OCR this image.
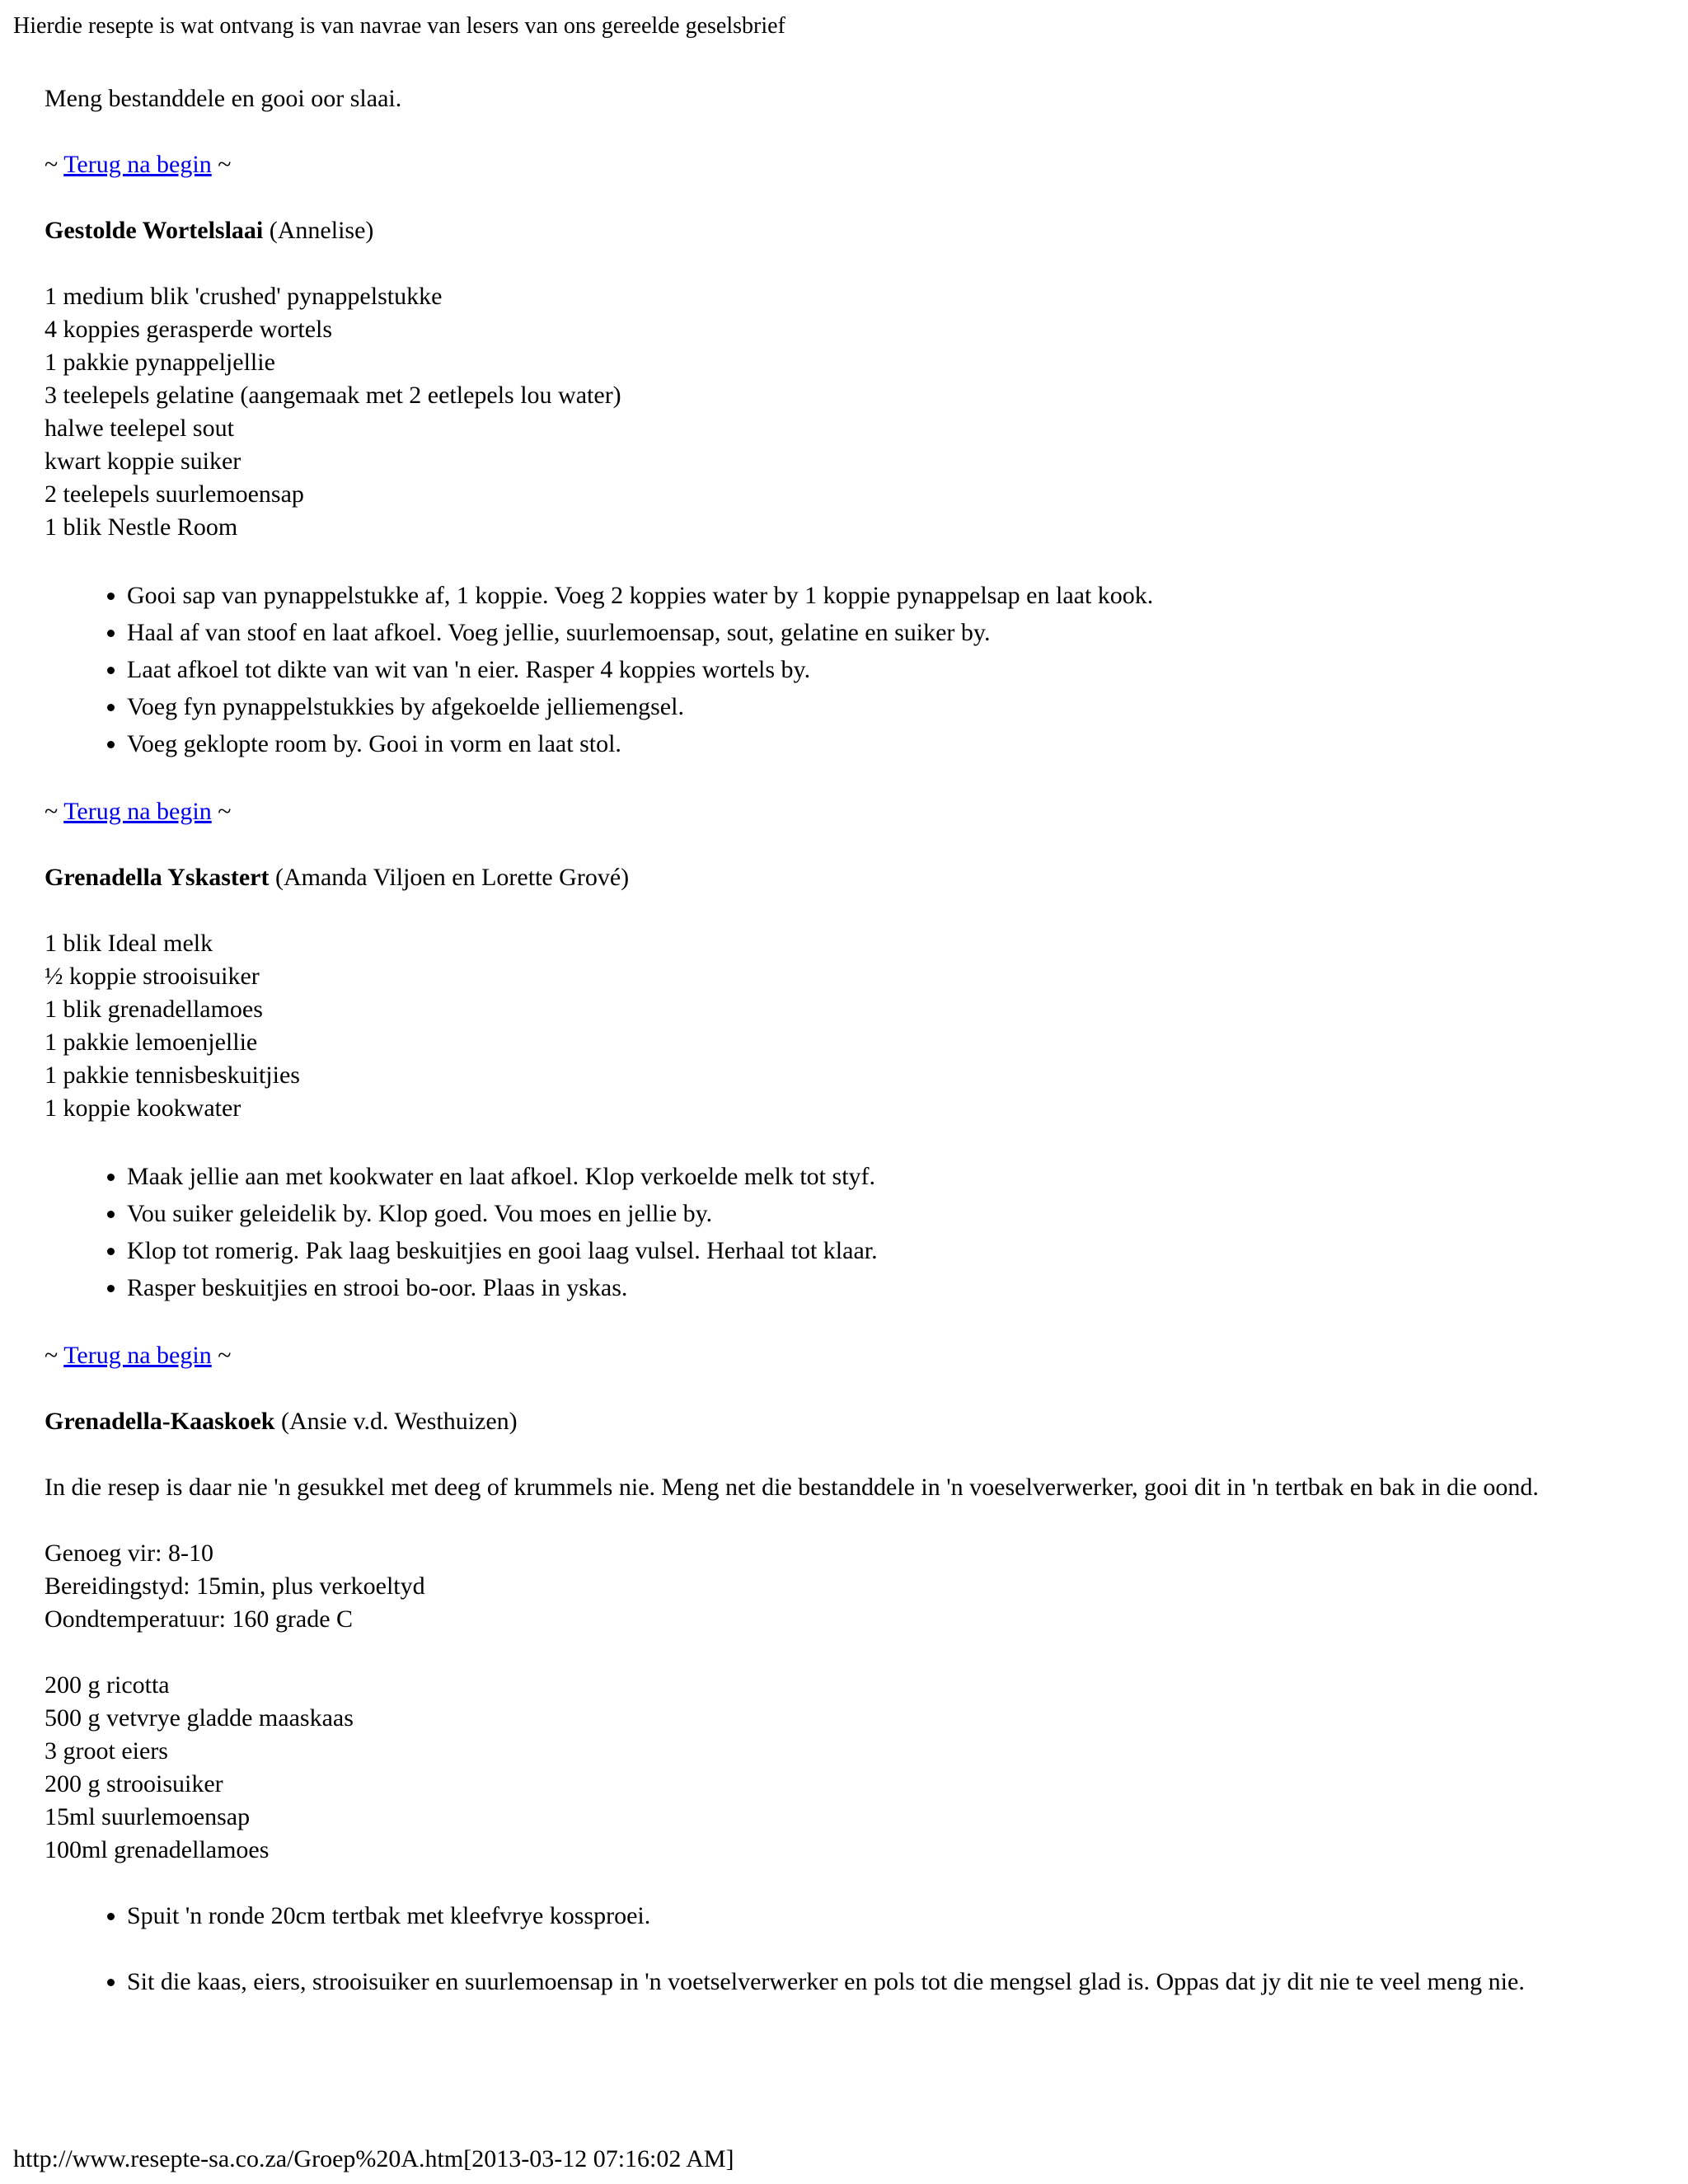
Hierdie resepte is wat ontvang is van navrae van lesers van ons gereelde geselsbrief

Meng bestanddele en gooi oor slaai.

~ Terug na begin ~

Gestolde Wortelslaai (Annelise)

1 medium blik 'crushed' pynappelstukke
4 koppies gerasperde wortels
1 pakkie pynappeljellie
3 teelepels gelatine (aangemaak met 2 eetlepels lou water)
halwe teelepel sout
kwart koppie suiker
2 teelepels suurlemoensap
1 blik Nestle Room
• Gooi sap van pynappelstukke af, 1 koppie. Voeg 2 koppies water by 1 koppie pynappelsap en laat kook.
• Haal af van stoof en laat afkoel. Voeg jellie, suurlemoensap, sout, gelatine en suiker by.
• Laat afkoel tot dikte van wit van 'n eier. Rasper 4 koppies wortels by.
• Voeg fyn pynappelstukkies by afgekoelde jelliemengsel.
• Voeg geklopte room by. Gooi in vorm en laat stol.

~ Terug na begin ~

Grenadella Yskastert (Amanda Viljoen en Lorette Grové)

1 blik Ideal melk
½ koppie strooisuiker
1 blik grenadellamoes
1 pakkie lemoenjellie
1 pakkie tennisbeskuitjies
1 koppie kookwater
• Maak jellie aan met kookwater en laat afkoel. Klop verkoelde melk tot styf.
• Vou suiker geleidelik by. Klop goed. Vou moes en jellie by.
• Klop tot romerig. Pak laag beskuitjies en gooi laag vulsel. Herhaal tot klaar.
• Rasper beskuitjies en strooi bo-oor. Plaas in yskas.

~ Terug na begin ~

Grenadella-Kaaskoek (Ansie v.d. Westhuizen)

In die resep is daar nie 'n gesukkel met deeg of krummels nie. Meng net die bestanddele in 'n voeselverwerker, gooi dit in 'n tertbak en bak in die oond.

Genoeg vir: 8-10
Bereidingstyd: 15min, plus verkoeltyd
Oondtemperatuur: 160 grade C
200 g ricotta
500 g vetvrye gladde maaskaas
3 groot eiers
200 g strooisuiker
15ml suurlemoensap
100ml grenadellamoes
• Spuit 'n ronde 20cm tertbak met kleefvrye kossproei.
• Sit die kaas, eiers, strooisuiker en suurlemoensap in 'n voetselverwerker en pols tot die mengsel glad is. Oppas dat jy dit nie te veel meng nie.
http://www.resepte-sa.co.za/Groep%20A.htm[2013-03-12 07:16:02 AM]
